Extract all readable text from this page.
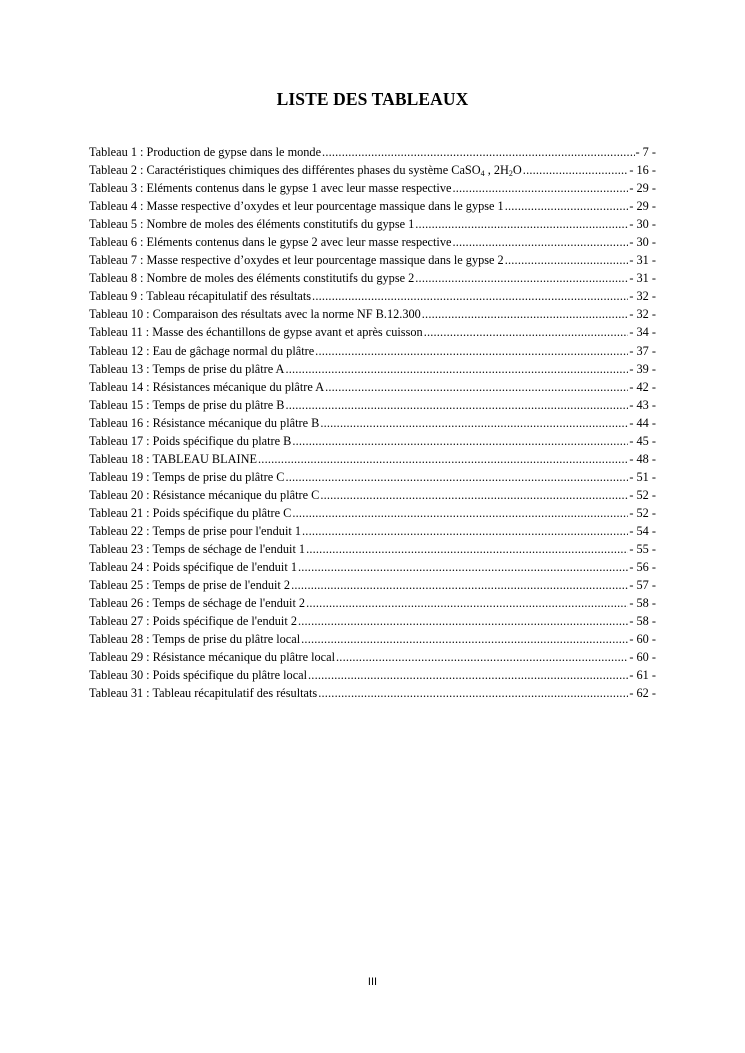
LISTE DES TABLEAUX
Tableau 1 : Production de gypse dans le monde .....	- 7 -
Tableau 2 : Caractéristiques chimiques des différentes phases du système CaSO$_4$ , $2H_2O$ .....	- 16 -
Tableau 3 : Eléments contenus dans le gypse 1 avec leur masse respective .....	- 29 -
Tableau 4 : Masse respective d’oxydes et leur pourcentage massique dans le gypse 1 .....	- 29 -
Tableau 5 : Nombre de moles des éléments constitutifs du gypse 1 .....	- 30 -
Tableau 6 : Eléments contenus dans le gypse 2 avec leur masse respective .....	- 30 -
Tableau 7 : Masse respective d’oxydes et leur pourcentage massique dans le gypse 2 .....	- 31 -
Tableau 8 : Nombre de moles des éléments constitutifs du gypse 2 .....	- 31 -
Tableau 9 : Tableau récapitulatif des résultats .....	- 32 -
Tableau 10 : Comparaison des résultats avec la norme NF B.12.300 .....	- 32 -
Tableau 11 : Masse des échantillons de gypse avant et après cuisson .....	- 34 -
Tableau 12 : Eau de gâchage normal du plâtre .....	- 37 -
Tableau 13 : Temps de prise du plâtre A .....	- 39 -
Tableau 14 : Résistances mécanique du plâtre A .....	- 42 -
Tableau 15 : Temps de prise du plâtre B .....	- 43 -
Tableau 16 : Résistance mécanique du plâtre B .....	- 44 -
Tableau 17 : Poids spécifique du platre B .....	- 45 -
Tableau 18 : TABLEAU BLAINE .....	- 48 -
Tableau 19 : Temps de prise du plâtre C .....	- 51 -
Tableau 20 : Résistance mécanique du plâtre C .....	- 52 -
Tableau 21 : Poids spécifique du plâtre C .....	- 52 -
Tableau 22 : Temps de prise pour l'enduit 1 .....	- 54 -
Tableau 23 : Temps de séchage de l'enduit 1 .....	- 55 -
Tableau 24 : Poids spécifique de l'enduit 1 .....	- 56 -
Tableau 25 : Temps de prise de l'enduit 2 .....	- 57 -
Tableau 26 : Temps de séchage de l'enduit 2 .....	- 58 -
Tableau 27 : Poids spécifique de l'enduit 2 .....	- 58 -
Tableau 28 : Temps de prise du plâtre local .....	- 60 -
Tableau 29 : Résistance mécanique du plâtre local .....	- 60 -
Tableau 30 : Poids spécifique du plâtre local .....	- 61 -
Tableau 31 : Tableau récapitulatif des résultats .....	- 62 -
III
